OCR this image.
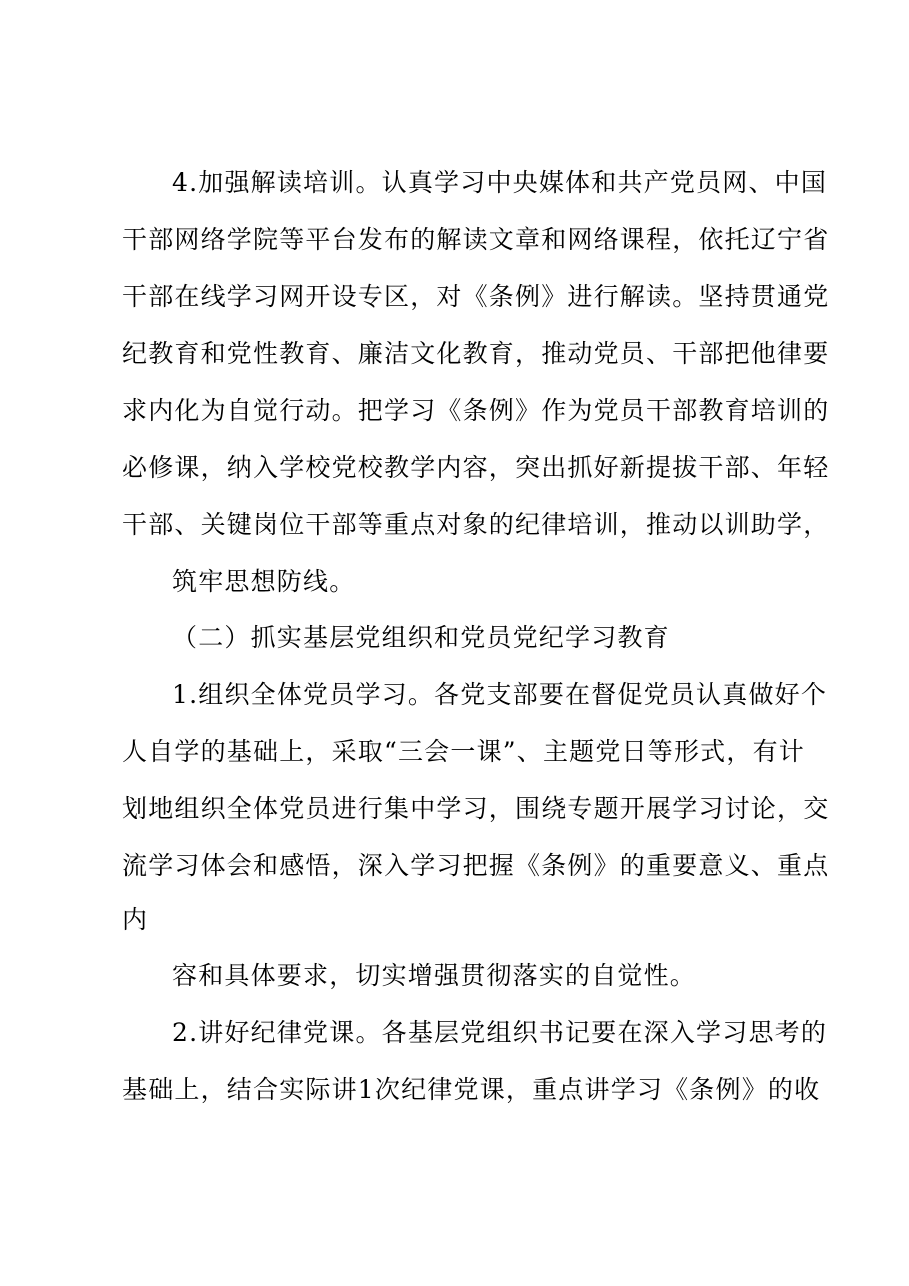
4.加强解读培训。认真学习中央媒体和共产党员网、中国
干部网络学院等平台发布的解读文章和网络课程，依托辽宁省
干部在线学习网开设专区，对《条例》进行解读。坚持贯通党
纪教育和党性教育、廉洁文化教育，推动党员、干部把他律要
求内化为自觉行动。把学习《条例》作为党员干部教育培训的
必修课，纳入学校党校教学内容，突出抓好新提拔干部、年轻
干部、关键岗位干部等重点对象的纪律培训，推动以训助学，
筑牢思想防线。
（二）抓实基层党组织和党员党纪学习教育
1.组织全体党员学习。各党支部要在督促党员认真做好个
人自学的基础上，采取“三会一课”、主题党日等形式，有计
划地组织全体党员进行集中学习，围绕专题开展学习讨论，交
流学习体会和感悟，深入学习把握《条例》的重要意义、重点
内
容和具体要求，切实增强贯彻落实的自觉性。
2.讲好纪律党课。各基层党组织书记要在深入学习思考的
基础上，结合实际讲1次纪律党课，重点讲学习《条例》的收
